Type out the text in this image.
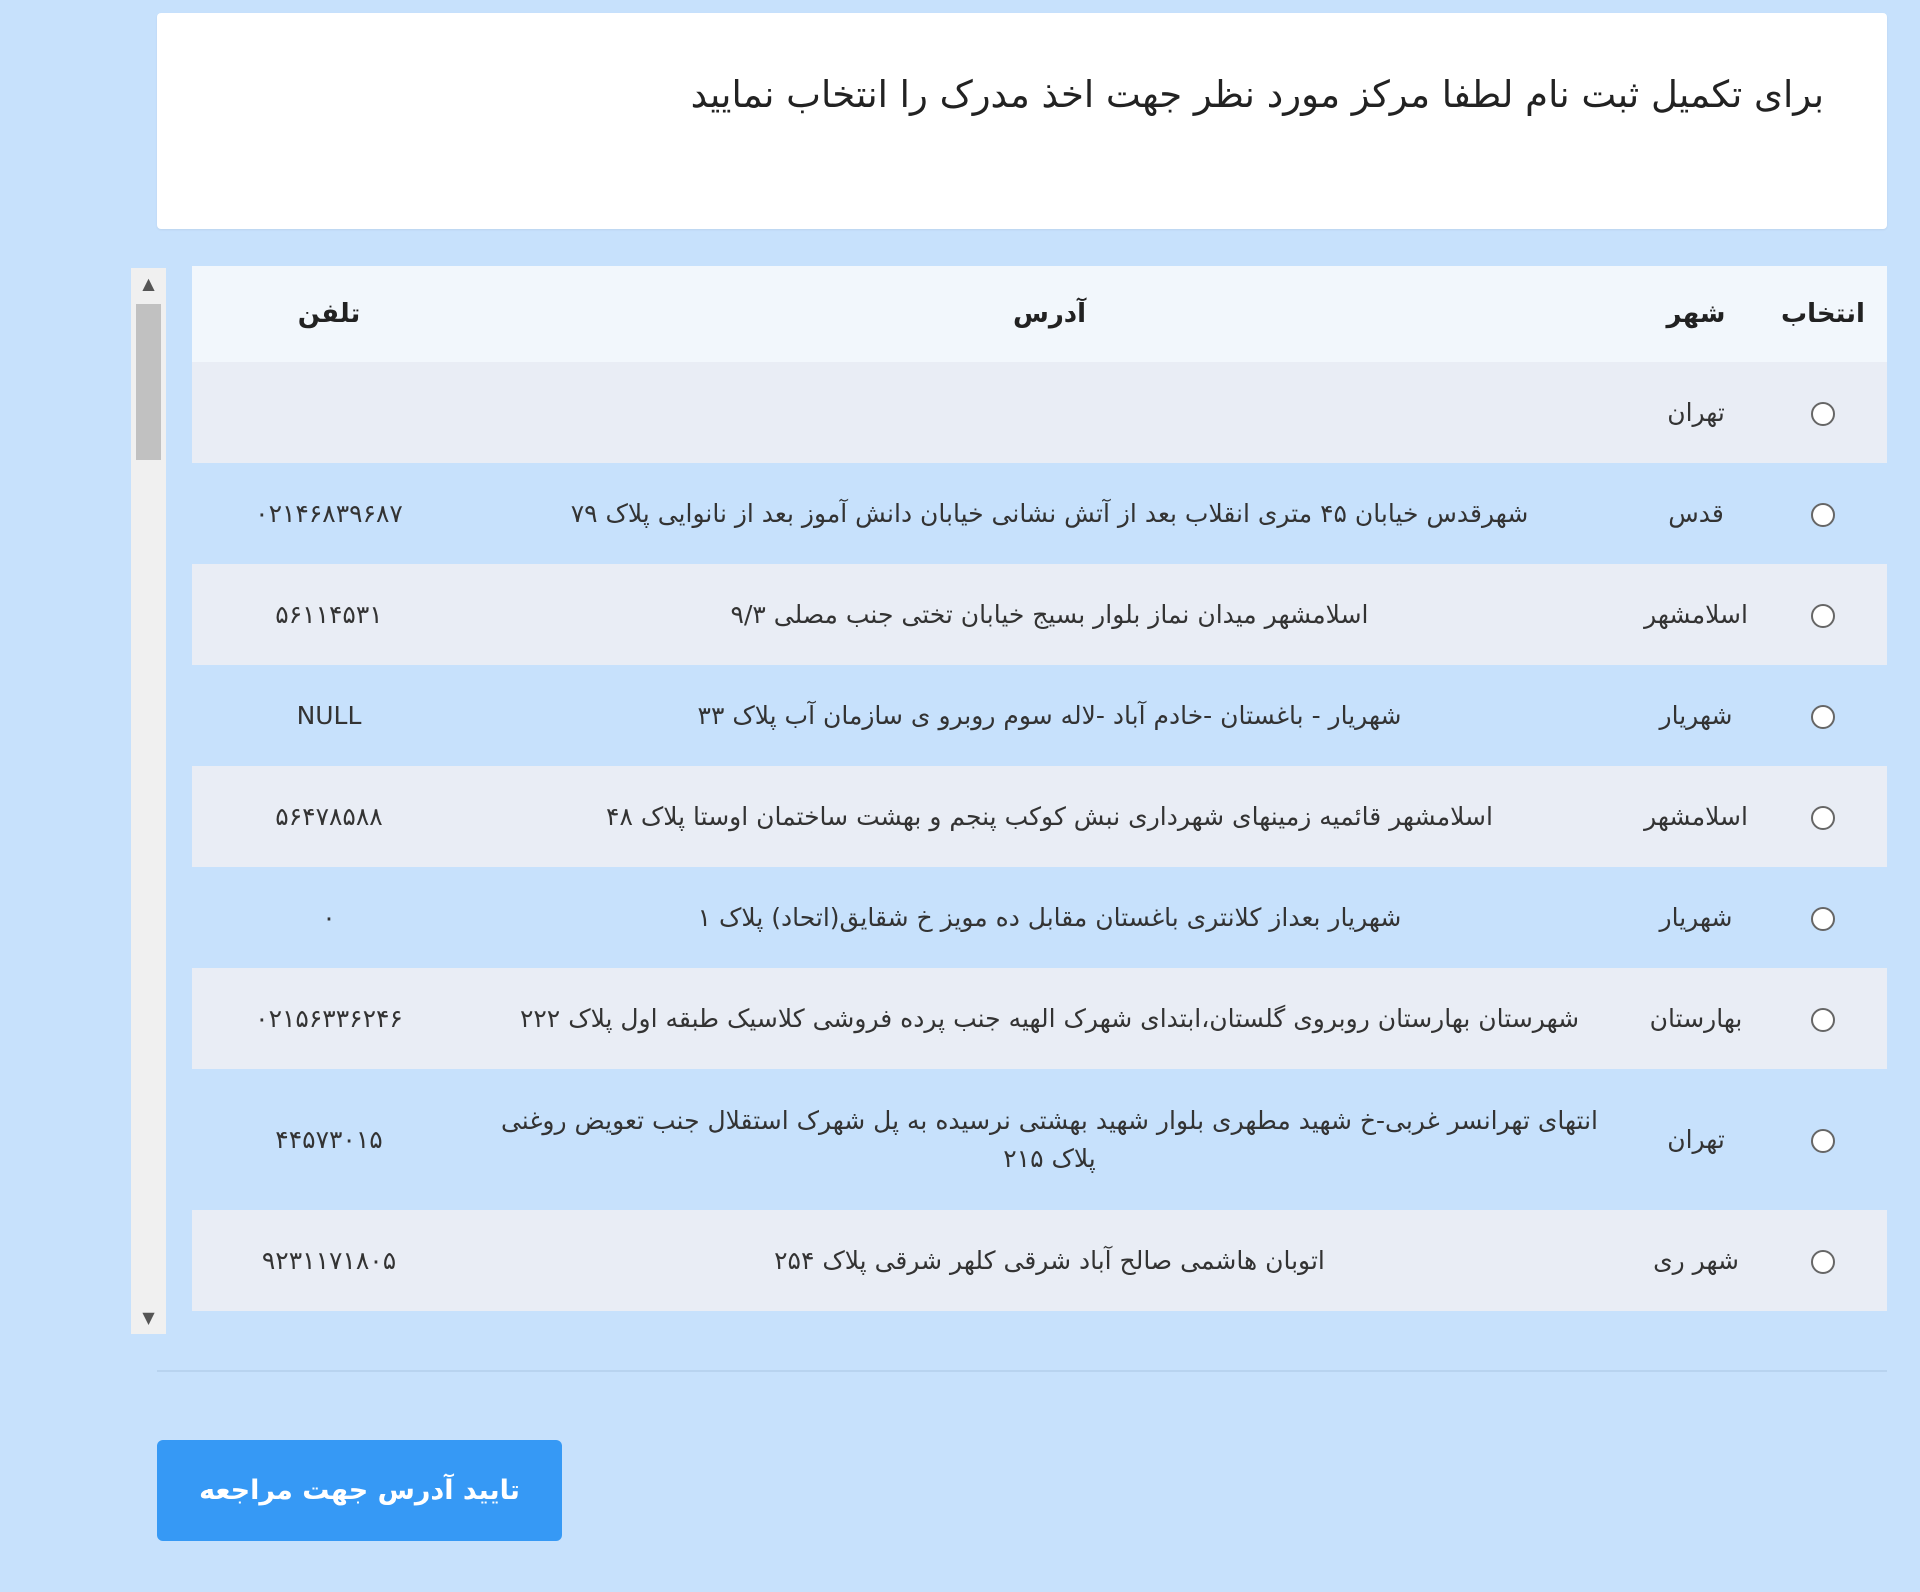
برای تکمیل ثبت نام لطفا مرکز مورد نظر جهت اخذ مدرک را انتخاب نمایید
▲
▼
انتخاب	شهر	آدرس	تلفن
	تهران		
	قدس	شهرقدس خیابان ۴۵ متری انقلاب بعد از آتش نشانی خیابان دانش آموز بعد از نانوایی پلاک ۷۹	۰۲۱۴۶۸۳۹۶۸۷
	اسلامشهر	اسلامشهر میدان نماز بلوار بسیج خیابان تختی جنب مصلی ۹/۳	۵۶۱۱۴۵۳۱
	شهریار	شهریار - باغستان -خادم آباد -لاله سوم روبرو ی سازمان آب پلاک ۳۳	NULL
	اسلامشهر	اسلامشهر قائمیه زمینهای شهرداری نبش کوکب پنجم و بهشت ساختمان اوستا پلاک ۴۸	۵۶۴۷۸۵۸۸
	شهریار	شهریار بعداز کلانتری باغستان مقابل ده مویز خ شقایق(اتحاد) پلاک ۱	۰
	بهارستان	شهرستان بهارستان روبروی گلستان،ابتدای شهرک الهیه جنب پرده فروشی کلاسیک طبقه اول پلاک ۲۲۲	۰۲۱۵۶۳۳۶۲۴۶
	تهران	انتهای تهرانسر غربی-خ شهید مطهری بلوار شهید بهشتی نرسیده به پل شهرک استقلال جنب تعویض روغنی پلاک ۲۱۵	۴۴۵۷۳۰۱۵
	شهر ری	اتوبان هاشمی صالح آباد شرقی کلهر شرقی پلاک ۲۵۴	۹۲۳۱۱۷۱۸۰۵
تایید آدرس جهت مراجعه
